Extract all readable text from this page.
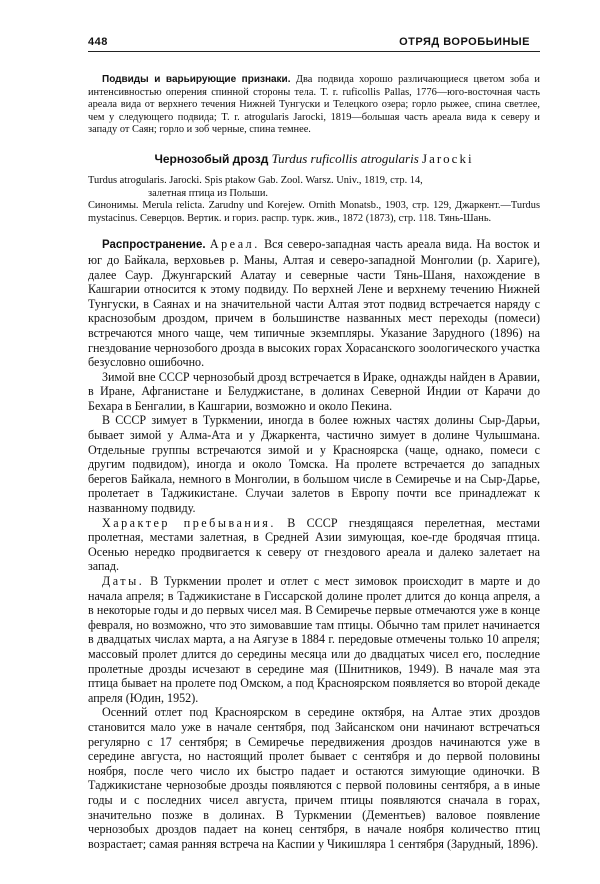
448	ОТРЯД ВОРОБЬИНЫЕ

Подвиды и варьирующие признаки. Два подвида хорошо различающиеся цветом зоба и интенсивностью оперения спинной стороны тела. T. r. ruficollis Pallas, 1776—юго-восточная часть ареала вида от верхнего течения Нижней Тунгуски и Телецкого озера; горло рыжее, спина светлее, чем у следующего подвида; T. r. atrogularis Jarocki, 1819—большая часть ареала вида к северу и западу от Саян; горло и зоб черные, спина темнее.

Чернозобый дрозд Turdus ruficollis atrogularis Jarocki

Turdus atrogularis. Jarocki. Spis ptakow Gab. Zool. Warsz. Univ., 1819, стр. 14,

залетная птица из Польши.

Синонимы. Merula relicta. Zarudny und Korejew. Ornith Monatsb., 1903, стр. 129, Джаркент.—Turdus mystacinus. Северцов. Вертик. и гориз. распр. турк. жив., 1872 (1873), стр. 118. Тянь-Шань.

Распространение. Ареал. Вся северо-западная часть ареала вида. На восток и юг до Байкала, верховьев р. Маны, Алтая и северо-западной Монголии (р. Хариге), далее Саур. Джунгарский Алатау и северные части Тянь-Шаня, нахождение в Кашгарии относится к этому подвиду. По верхней Лене и верхнему течению Нижней Тунгуски, в Саянах и на значительной части Алтая этот подвид встречается наряду с краснозобым дроздом, причем в большинстве названных мест переходы (помеси) встречаются много чаще, чем типичные экземпляры. Указание Зарудного (1896) на гнездование чернозобого дрозда в высоких горах Хорасанского зоологического участка безусловно ошибочно.

Зимой вне СССР чернозобый дрозд встречается в Ираке, однажды найден в Аравии, в Иране, Афганистане и Белуджистане, в долинах Северной Индии от Карачи до Бехара в Бенгалии, в Кашгарии, возможно и около Пекина.

В СССР зимует в Туркмении, иногда в более южных частях долины Сыр-Дарьи, бывает зимой у Алма-Ата и у Джаркента, частично зимует в долине Чулышмана. Отдельные группы встречаются зимой и у Красноярска (чаще, однако, помеси с другим подвидом), иногда и около Томска. На пролете встречается до западных берегов Байкала, немного в Монголии, в большом числе в Семиречье и на Сыр-Дарье, пролетает в Таджикистане. Случаи залетов в Европу почти все принадлежат к названному подвиду.

Характер пребывания. В СССР гнездящаяся перелетная, местами пролетная, местами залетная, в Средней Азии зимующая, кое-где бродячая птица. Осенью нередко продвигается к северу от гнездового ареала и далеко залетает на запад.

Даты. В Туркмении пролет и отлет с мест зимовок происходит в марте и до начала апреля; в Таджикистане в Гиссарской долине пролет длится до конца апреля, а в некоторые годы и до первых чисел мая. В Семиречье первые отмечаются уже в конце февраля, но возможно, что это зимовавшие там птицы. Обычно там прилет начинается в двадцатых числах марта, а на Аягузе в 1884 г. передовые отмечены только 10 апреля; массовый пролет длится до середины месяца или до двадцатых чисел его, последние пролетные дрозды исчезают в середине мая (Шнитников, 1949). В начале мая эта птица бывает на пролете под Омском, а под Красноярском появляется во второй декаде апреля (Юдин, 1952).

Осенний отлет под Красноярском в середине октября, на Алтае этих дроздов становится мало уже в начале сентября, под Зайсанском они начинают встречаться регулярно с 17 сентября; в Семиречье передвижения дроздов начинаются уже в середине августа, но настоящий пролет бывает с сентября и до первой половины ноября, после чего число их быстро падает и остаются зимующие одиночки. В Таджикистане чернозобые дрозды появляются с первой половины сентября, а в иные годы и с последних чисел августа, причем птицы появляются сначала в горах, значительно позже в долинах. В Туркмении (Дементьев) валовое появление чернозобых дроздов падает на конец сентября, в начале ноября количество птиц возрастает; самая ранняя встреча на Каспии у Чикишляра 1 сентября (Зарудный, 1896).
